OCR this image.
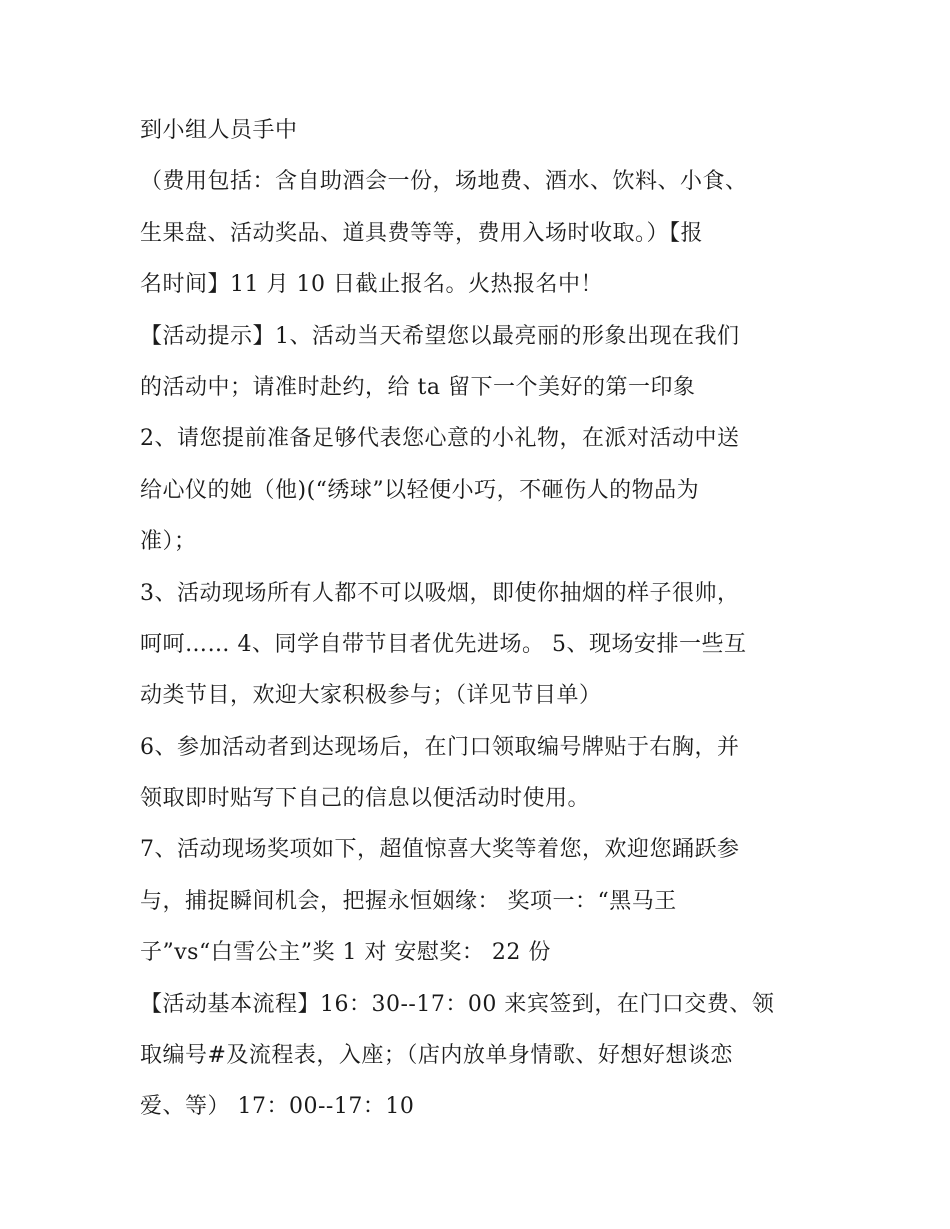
到小组人员手中
（费用包括：含自助酒会一份，场地费、酒水、饮料、小食、
生果盘、活动奖品、道具费等等，费用入场时收取。）【报
名时间】11 月 10 日截止报名。火热报名中！
【活动提示】1、活动当天希望您以最亮丽的形象出现在我们
的活动中；请准时赴约，给 ta 留下一个美好的第一印象
2、请您提前准备足够代表您心意的小礼物，在派对活动中送
给心仪的她（他)(“绣球”以轻便小巧，不砸伤人的物品为
准）；
3、活动现场所有人都不可以吸烟，即使你抽烟的样子很帅，
呵呵…… 4、同学自带节目者优先进场。 5、现场安排一些互
动类节目，欢迎大家积极参与；（详见节目单）
6、参加活动者到达现场后，在门口领取编号牌贴于右胸，并
领取即时贴写下自己的信息以便活动时使用。
7、活动现场奖项如下，超值惊喜大奖等着您，欢迎您踊跃参
与，捕捉瞬间机会，把握永恒姻缘： 奖项一：“黑马王
子”vs“白雪公主”奖 1 对 安慰奖： 22 份
【活动基本流程】16：30--17：00 来宾签到，在门口交费、领
取编号#及流程表，入座；（店内放单身情歌、好想好想谈恋
爱、等） 17：00--17：10
